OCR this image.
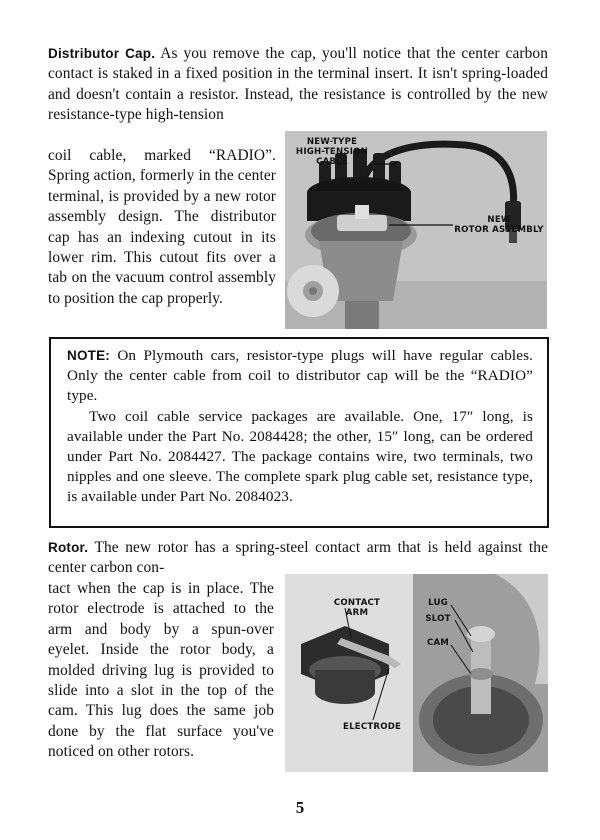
Distributor Cap. As you remove the cap, you'll notice that the center carbon contact is staked in a fixed position in the terminal insert. It isn't spring-loaded and doesn't contain a resistor. Instead, the resistance is controlled by the new resistance-type high-tension

coil cable, marked “RADIO”. Spring action, formerly in the center terminal, is provided by a new rotor assembly design. The distributor cap has an indexing cutout in its lower rim. This cutout fits over a tab on the vacuum control assembly to position the cap properly.

NEW-TYPE
HIGH-TENSION
CABLE
NEW
ROTOR ASSEMBLY

NOTE: On Plymouth cars, resistor-type plugs will have regular cables. Only the center cable from coil to distributor cap will be the “RADIO” type.

Two coil cable service packages are available. One, 17″ long, is available under the Part No. 2084428; the other, 15″ long, can be ordered under Part No. 2084427. The package contains wire, two terminals, two nipples and one sleeve. The complete spark plug cable set, resistance type, is available under Part No. 2084023.

Rotor. The new rotor has a spring-steel contact arm that is held against the center carbon con-

tact when the cap is in place. The rotor electrode is attached to the arm and body by a spun-over eyelet. Inside the rotor body, a molded driving lug is provided to slide into a slot in the top of the cam. This lug does the same job done by the flat surface you've noticed on other rotors.

CONTACT ARM
ELECTRODE
LUG
SLOT
CAM
5
